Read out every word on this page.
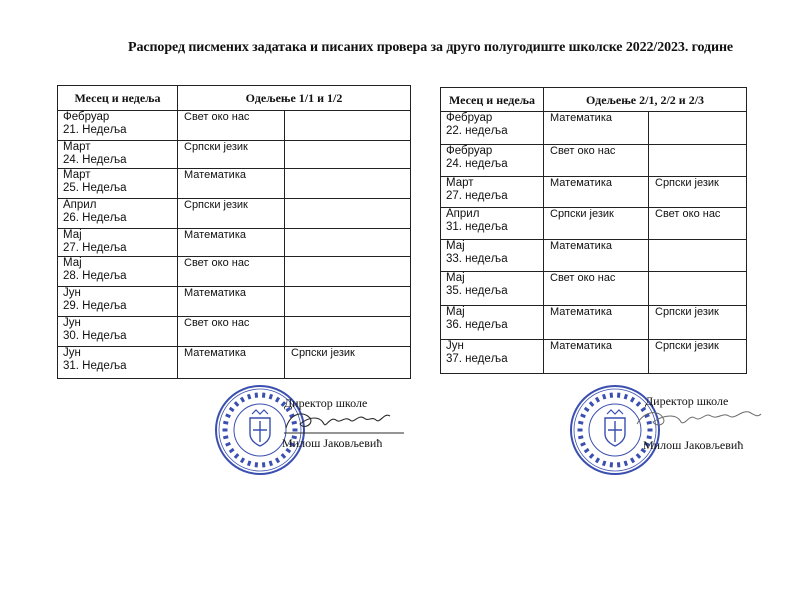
Распоред писмених задатака и писаних провера за друго полугодиште школске 2022/2023. године
Месец и недеља	Одељење 1/1 и 1/2	

Фебруар
21. Недеља	Свет око нас	

Март
24. Недеља	Српски језик	

Март
25. Недеља	Математика	

Април
26. Недеља	Српски језик	

Мај
27. Недеља	Математика	

Мај
28. Недеља	Свет око нас	

Јун
29. Недеља	Математика	

Јун
30. Недеља	Свет око нас	

Јун
31. Недеља	Математика	Српски језик
Месец и недеља	Одељење 2/1, 2/2 и 2/3	

Фебруар
22. недеља	Математика	

Фебруар
24. недеља	Свет око нас	

Март
27. недеља	Математика	Српски језик

Април
31. недеља	Српски језик	Свет око нас

Мај
33. недеља	Математика	

Мај
35. недеља	Свет око нас	

Мај
36. недеља	Математика	Српски језик

Јун
37. недеља	Математика	Српски језик
Директор школе
Милош Јаковљевић
Директор школе
Милош Јаковљевић
